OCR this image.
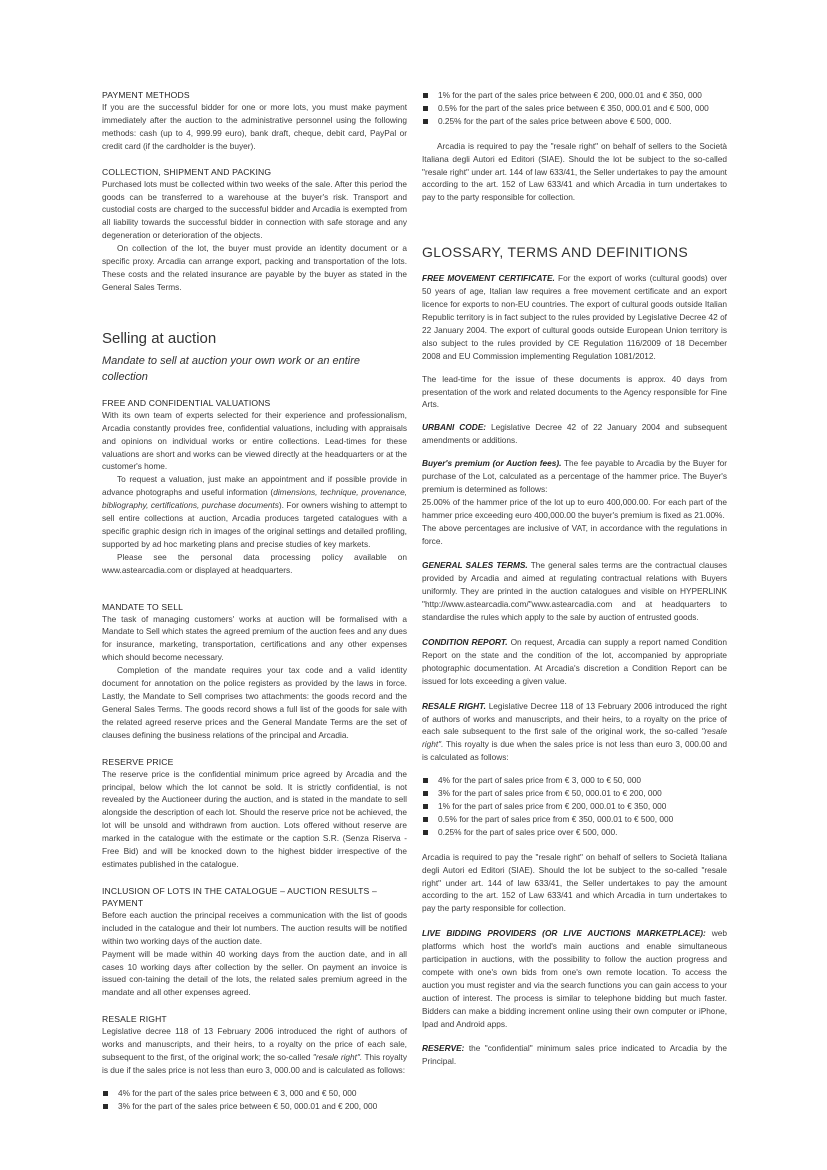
PAYMENT METHODS

If you are the successful bidder for one or more lots, you must make payment immediately after the auction to the administrative personnel using the following methods: cash (up to 4, 999.99 euro), bank draft, cheque, debit card, PayPal or credit card (if the cardholder is the buyer).

COLLECTION, SHIPMENT AND PACKING

Purchased lots must be collected within two weeks of the sale. After this period the goods can be transferred to a warehouse at the buyer's risk. Transport and custodial costs are charged to the successful bidder and Arcadia is exempted from all liability towards the successful bidder in connection with safe storage and any degeneration or deterioration of the objects.

On collection of the lot, the buyer must provide an identity document or a specific proxy. Arcadia can arrange export, packing and transportation of the lots. These costs and the related insurance are payable by the buyer as stated in the General Sales Terms.

Selling at auction
Mandate to sell at auction your own work or an entire collection
FREE AND CONFIDENTIAL VALUATIONS

With its own team of experts selected for their experience and professionalism, Arcadia constantly provides free, confidential valuations, including with appraisals and opinions on individual works or entire collections. Lead-times for these valuations are short and works can be viewed directly at the headquarters or at the customer's home.

To request a valuation, just make an appointment and if possible provide in advance photographs and useful information (dimensions, technique, provenance, bibliography, certifications, purchase documents). For owners wishing to attempt to sell entire collections at auction, Arcadia produces targeted catalogues with a specific graphic design rich in images of the original settings and detailed profiling, supported by ad hoc marketing plans and precise studies of key markets.

Please see the personal data processing policy available on www.astearcadia.com or displayed at headquarters.

MANDATE TO SELL

The task of managing customers' works at auction will be formalised with a Mandate to Sell which states the agreed premium of the auction fees and any dues for insurance, marketing, transportation, certifications and any other expenses which should become necessary.

Completion of the mandate requires your tax code and a valid identity document for annotation on the police registers as provided by the laws in force. Lastly, the Mandate to Sell comprises two attachments: the goods record and the General Sales Terms. The goods record shows a full list of the goods for sale with the related agreed reserve prices and the General Mandate Terms are the set of clauses defining the business relations of the principal and Arcadia.

RESERVE PRICE

The reserve price is the confidential minimum price agreed by Arcadia and the principal, below which the lot cannot be sold. It is strictly confidential, is not revealed by the Auctioneer during the auction, and is stated in the mandate to sell alongside the description of each lot. Should the reserve price not be achieved, the lot will be unsold and withdrawn from auction. Lots offered without reserve are marked in the catalogue with the estimate or the caption S.R. (Senza Riserva - Free Bid) and will be knocked down to the highest bidder irrespective of the estimates published in the catalogue.

INCLUSION OF LOTS IN THE CATALOGUE – AUCTION RESULTS – PAYMENT

Before each auction the principal receives a communication with the list of goods included in the catalogue and their lot numbers. The auction results will be notified within two working days of the auction date.

Payment will be made within 40 working days from the auction date, and in all cases 10 working days after collection by the seller. On payment an invoice is issued con-taining the detail of the lots, the related sales premium agreed in the mandate and all other expenses agreed.

RESALE RIGHT

Legislative decree 118 of 13 February 2006 introduced the right of authors of works and manuscripts, and their heirs, to a royalty on the price of each sale, subsequent to the first, of the original work; the so-called "resale right". This royalty is due if the sales price is not less than euro 3, 000.00 and is calculated as follows:

4% for the part of the sales price between € 3, 000 and € 50, 000
3% for the part of the sales price between € 50, 000.01 and € 200, 000
1% for the part of the sales price between € 200, 000.01 and € 350, 000
0.5% for the part of the sales price between € 350, 000.01 and € 500, 000
0.25% for the part of the sales price between above € 500, 000.

Arcadia is required to pay the "resale right" on behalf of sellers to the Società Italiana degli Autori ed Editori (SIAE). Should the lot be subject to the so-called "resale right" under art. 144 of law 633/41, the Seller undertakes to pay the amount according to the art. 152 of Law 633/41 and which Arcadia in turn undertakes to pay to the party responsible for collection.

GLOSSARY, TERMS AND DEFINITIONS

FREE MOVEMENT CERTIFICATE. For the export of works (cultural goods) over 50 years of age, Italian law requires a free movement certificate and an export licence for exports to non-EU countries. The export of cultural goods outside Italian Republic territory is in fact subject to the rules provided by Legislative Decree 42 of 22 January 2004. The export of cultural goods outside European Union territory is also subject to the rules provided by CE Regulation 116/2009 of 18 December 2008 and EU Commission implementing Regulation 1081/2012.

The lead-time for the issue of these documents is approx. 40 days from presentation of the work and related documents to the Agency responsible for Fine Arts.

URBANI CODE: Legislative Decree 42 of 22 January 2004 and subsequent amendments or additions.

Buyer's premium (or Auction fees). The fee payable to Arcadia by the Buyer for purchase of the Lot, calculated as a percentage of the hammer price. The Buyer's premium is determined as follows:

25.00% of the hammer price of the lot up to euro 400,000.00. For each part of the hammer price exceeding euro 400,000.00 the buyer's premium is fixed as 21.00%.

The above percentages are inclusive of VAT, in accordance with the regulations in force.

GENERAL SALES TERMS. The general sales terms are the contractual clauses provided by Arcadia and aimed at regulating contractual relations with Buyers uniformly. They are printed in the auction catalogues and visible on HYPERLINK "http://www.astearcadia.com/"www.astearcadia.com and at headquarters to standardise the rules which apply to the sale by auction of entrusted goods.

CONDITION REPORT. On request, Arcadia can supply a report named Condition Report on the state and the condition of the lot, accompanied by appropriate photographic documentation. At Arcadia's discretion a Condition Report can be issued for lots exceeding a given value.

RESALE RIGHT. Legislative Decree 118 of 13 February 2006 introduced the right of authors of works and manuscripts, and their heirs, to a royalty on the price of each sale subsequent to the first sale of the original work, the so-called "resale right". This royalty is due when the sales price is not less than euro 3, 000.00 and is calculated as follows:

4% for the part of sales price from € 3, 000 to € 50, 000
3% for the part of sales price from € 50, 000.01 to € 200, 000
1% for the part of sales price from € 200, 000.01 to € 350, 000
0.5% for the part of sales price from € 350, 000.01 to € 500, 000
0.25% for the part of sales price over € 500, 000.

Arcadia is required to pay the "resale right" on behalf of sellers to Società Italiana degli Autori ed Editori (SIAE). Should the lot be subject to the so-called "resale right" under art. 144 of law 633/41, the Seller undertakes to pay the amount according to the art. 152 of Law 633/41 and which Arcadia in turn undertakes to pay the party responsible for collection.

LIVE BIDDING PROVIDERS (OR LIVE AUCTIONS MARKETPLACE): web platforms which host the world's main auctions and enable simultaneous participation in auctions, with the possibility to follow the auction progress and compete with one's own bids from one's own remote location. To access the auction you must register and via the search functions you can gain access to your auction of interest. The process is similar to telephone bidding but much faster. Bidders can make a bidding increment online using their own computer or iPhone, Ipad and Android apps.

RESERVE: the "confidential" minimum sales price indicated to Arcadia by the Principal.
